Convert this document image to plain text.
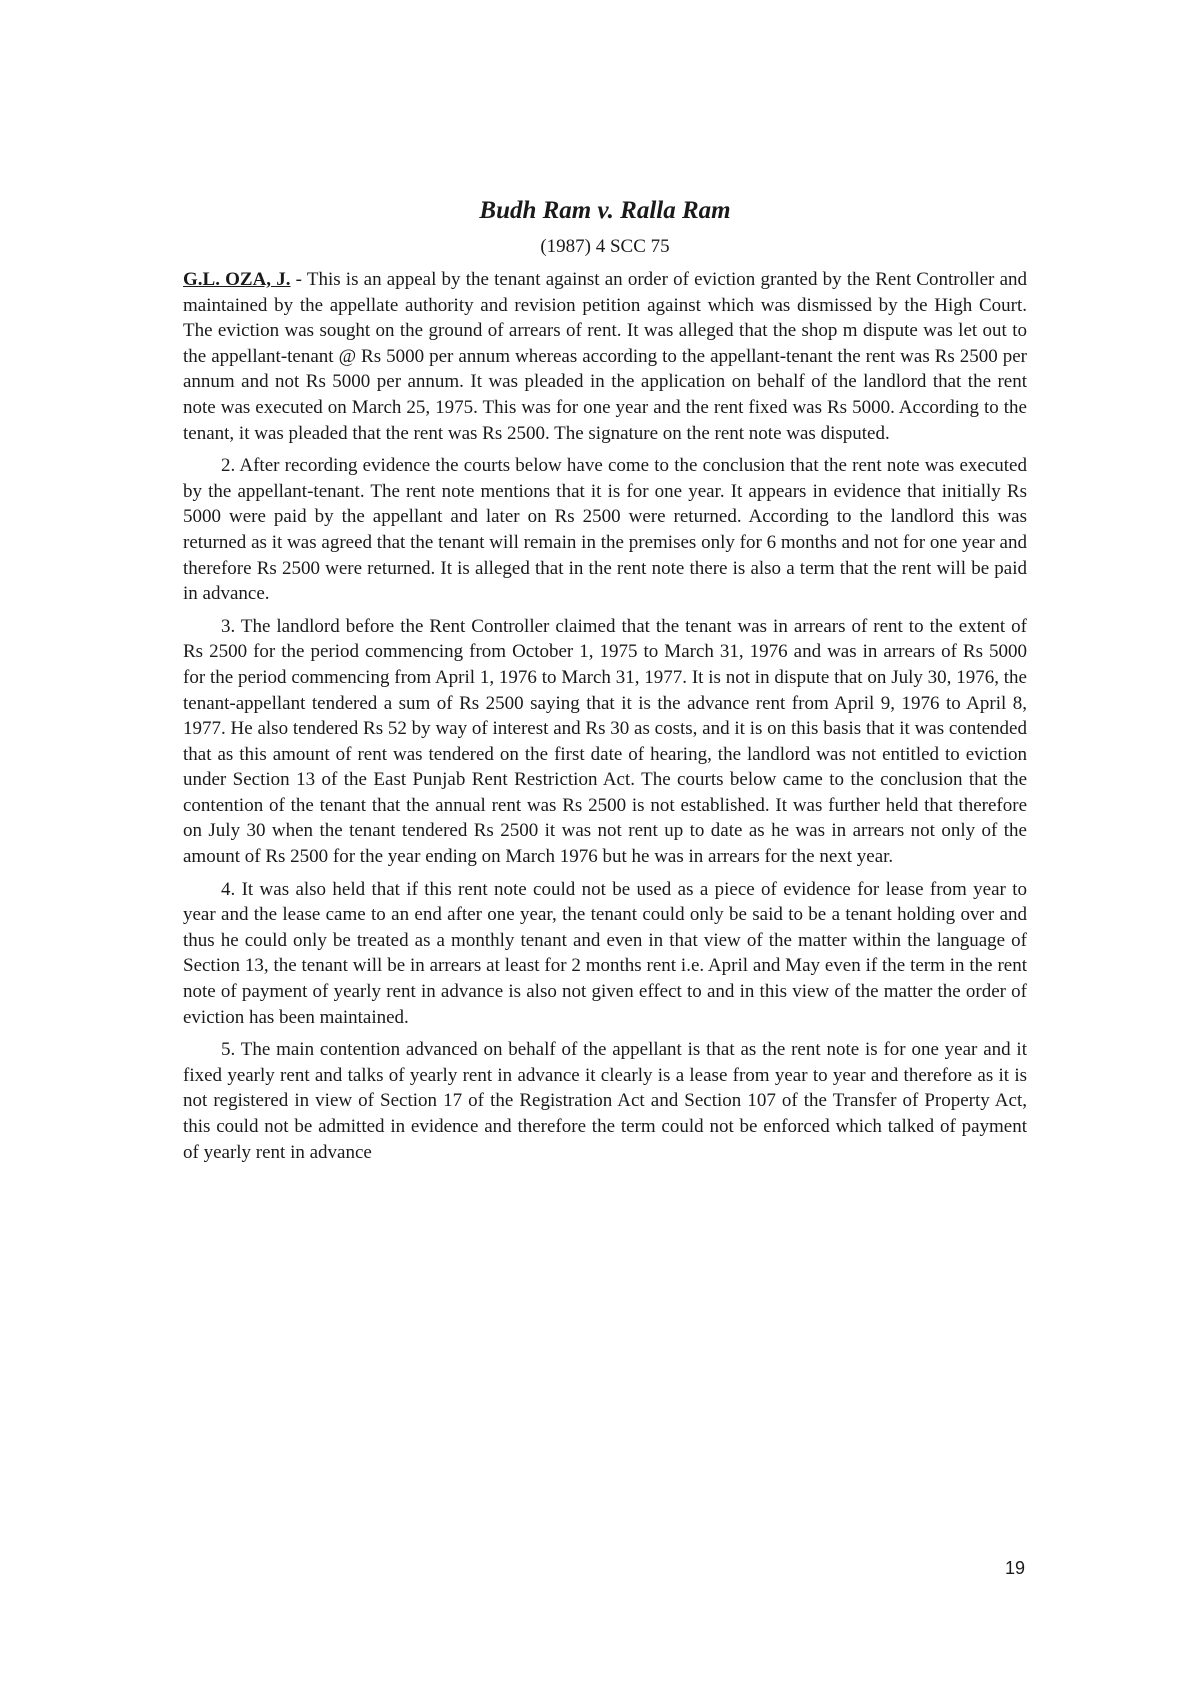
Budh Ram v. Ralla Ram
(1987) 4 SCC 75

G.L. OZA, J. - This is an appeal by the tenant against an order of eviction granted by the Rent Controller and maintained by the appellate authority and revision petition against which was dismissed by the High Court. The eviction was sought on the ground of arrears of rent. It was alleged that the shop m dispute was let out to the appellant-tenant @ Rs 5000 per annum whereas according to the appellant-tenant the rent was Rs 2500 per annum and not Rs 5000 per annum. It was pleaded in the application on behalf of the landlord that the rent note was executed on March 25, 1975. This was for one year and the rent fixed was Rs 5000. According to the tenant, it was pleaded that the rent was Rs 2500. The signature on the rent note was disputed.

2. After recording evidence the courts below have come to the conclusion that the rent note was executed by the appellant-tenant. The rent note mentions that it is for one year. It appears in evidence that initially Rs 5000 were paid by the appellant and later on Rs 2500 were returned. According to the landlord this was returned as it was agreed that the tenant will remain in the premises only for 6 months and not for one year and therefore Rs 2500 were returned. It is alleged that in the rent note there is also a term that the rent will be paid in advance.

3. The landlord before the Rent Controller claimed that the tenant was in arrears of rent to the extent of Rs 2500 for the period commencing from October 1, 1975 to March 31, 1976 and was in arrears of Rs 5000 for the period commencing from April 1, 1976 to March 31, 1977. It is not in dispute that on July 30, 1976, the tenant-appellant tendered a sum of Rs 2500 saying that it is the advance rent from April 9, 1976 to April 8, 1977. He also tendered Rs 52 by way of interest and Rs 30 as costs, and it is on this basis that it was contended that as this amount of rent was tendered on the first date of hearing, the landlord was not entitled to eviction under Section 13 of the East Punjab Rent Restriction Act. The courts below came to the conclusion that the contention of the tenant that the annual rent was Rs 2500 is not established. It was further held that therefore on July 30 when the tenant tendered Rs 2500 it was not rent up to date as he was in arrears not only of the amount of Rs 2500 for the year ending on March 1976 but he was in arrears for the next year.

4. It was also held that if this rent note could not be used as a piece of evidence for lease from year to year and the lease came to an end after one year, the tenant could only be said to be a tenant holding over and thus he could only be treated as a monthly tenant and even in that view of the matter within the language of Section 13, the tenant will be in arrears at least for 2 months rent i.e. April and May even if the term in the rent note of payment of yearly rent in advance is also not given effect to and in this view of the matter the order of eviction has been maintained.

5. The main contention advanced on behalf of the appellant is that as the rent note is for one year and it fixed yearly rent and talks of yearly rent in advance it clearly is a lease from year to year and therefore as it is not registered in view of Section 17 of the Registration Act and Section 107 of the Transfer of Property Act, this could not be admitted in evidence and therefore the term could not be enforced which talked of payment of yearly rent in advance

19
